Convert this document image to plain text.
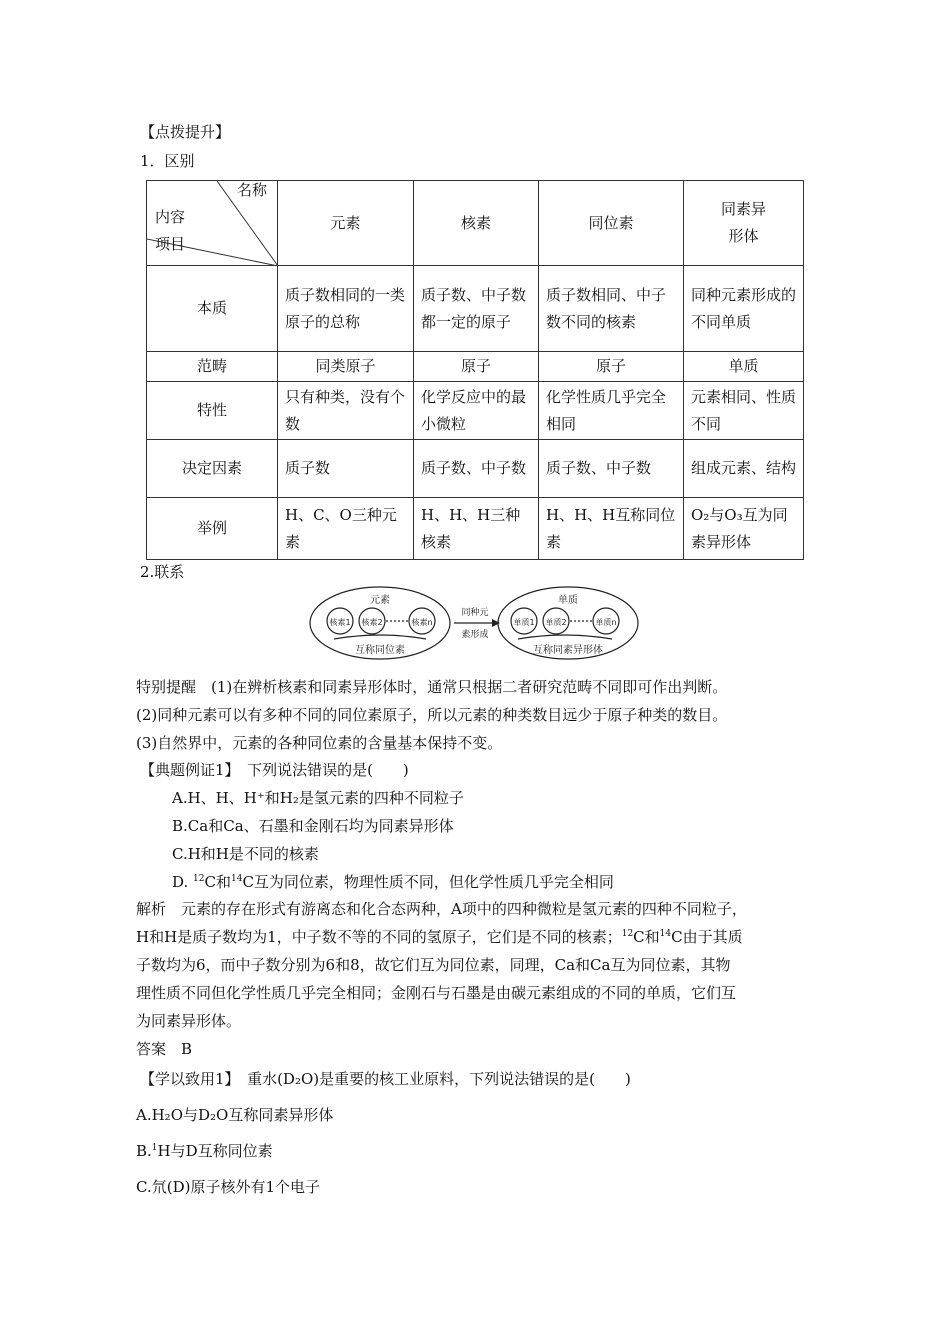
【点拨提升】
1．区别
名称
内容
项目	元素	核素	同位素	同素异形体
本质	质子数相同的一类原子的总称	质子数、中子数都一定的原子	质子数相同、中子数不同的核素	同种元素形成的不同单质
范畴	同类原子	原子	原子	单质
特性	只有种类，没有个数	化学反应中的最小微粒	化学性质几乎完全相同	元素相同、性质不同
决定因素	质子数	质子数、中子数	质子数、中子数	组成元素、结构
举例	H、C、O三种元素	H、H、H三种核素	H、H、H互称同位素	O₂与O₃互为同素异形体
2.联系
元素
核素1 核素2	核素n
互称同位素
同种元
素形成
单质
单质1 单质2	单质n
互称同素异形体
特别提醒　 (1)在辨析核素和同素异形体时，通常只根据二者研究范畴不同即可作出判断。
(2)同种元素可以有多种不同的同位素原子，所以元素的种类数目远少于原子种类的数目。
(3)自然界中，元素的各种同位素的含量基本保持不变。
【典题例证1】　 下列说法错误的是(　　)
A.H、H、H⁺和H₂是氢元素的四种不同粒子
B.Ca和Ca、石墨和金刚石均为同素异形体
C.H和H是不同的核素
D. $^{12}$C和$^{14}$C互为同位素，物理性质不同，但化学性质几乎完全相同
解析　 元素的存在形式有游离态和化合态两种，A项中的四种微粒是氢元素的四种不同粒子，
H和H是质子数均为1，中子数不等的不同的氢原子，它们是不同的核素；$^{12}$C和$^{14}$C由于其质
子数均为6，而中子数分别为6和8，故它们互为同位素，同理，Ca和Ca互为同位素，其物
理性质不同但化学性质几乎完全相同；金刚石与石墨是由碳元素组成的不同的单质，它们互
为同素异形体。
答案　 B
【学以致用1】　 重水(D₂O)是重要的核工业原料，下列说法错误的是(　　)
A.H₂O与D₂O互称同素异形体
B.$^1$H与D互称同位素
C.氘(D)原子核外有1个电子
